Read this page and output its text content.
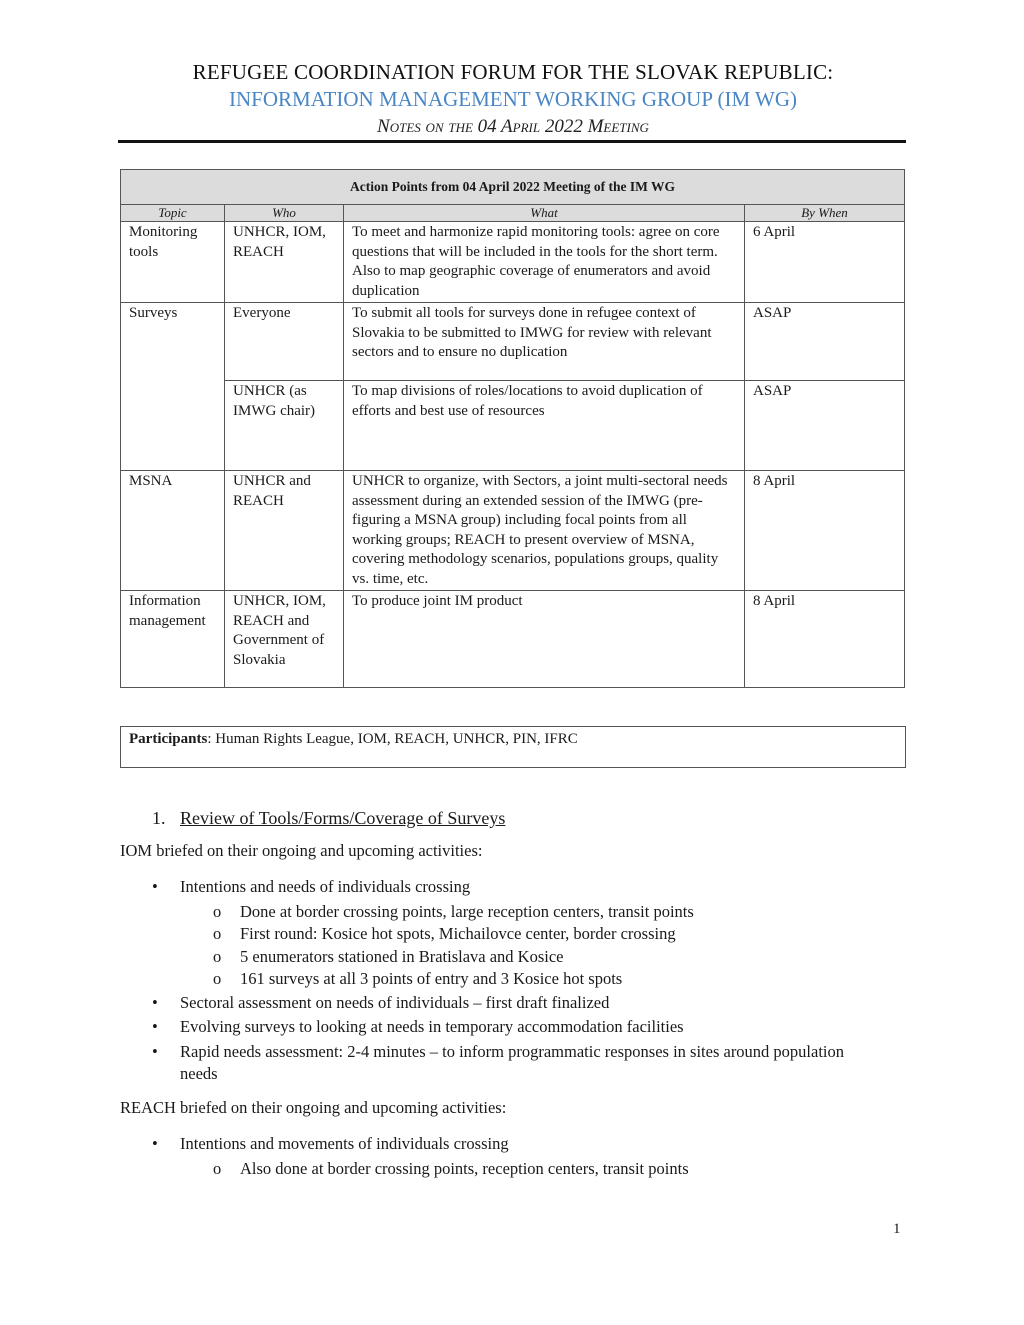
REFUGEE COORDINATION FORUM FOR THE SLOVAK REPUBLIC:
INFORMATION MANAGEMENT WORKING GROUP (IM WG)
Notes on the 04 April 2022 Meeting
Action Points from 04 April 2022 Meeting of the IM WG			
Topic	Who	What	By When
Monitoring tools	UNHCR, IOM, REACH	To meet and harmonize rapid monitoring tools: agree on core questions that will be included in the tools for the short term. Also to map geographic coverage of enumerators and avoid duplication	6 April
Surveys	Everyone	To submit all tools for surveys done in refugee context of Slovakia to be submitted to IMWG for review with relevant sectors and to ensure no duplication	ASAP
	UNHCR (as IMWG chair)	To map divisions of roles/locations to avoid duplication of efforts and best use of resources	ASAP
MSNA	UNHCR and REACH	UNHCR to organize, with Sectors, a joint multi-sectoral needs assessment during an extended session of the IMWG (pre-figuring a MSNA group) including focal points from all working groups; REACH to present overview of MSNA, covering methodology scenarios, populations groups, quality vs. time, etc.	8 April
Information management	UNHCR, IOM, REACH and Government of Slovakia	To produce joint IM product	8 April
Participants: Human Rights League, IOM, REACH, UNHCR, PIN, IFRC
1. Review of Tools/Forms/Coverage of Surveys
IOM briefed on their ongoing and upcoming activities:
• Intentions and needs of individuals crossing
o Done at border crossing points, large reception centers, transit points
o First round: Kosice hot spots, Michailovce center, border crossing
o 5 enumerators stationed in Bratislava and Kosice
o 161 surveys at all 3 points of entry and 3 Kosice hot spots
• Sectoral assessment on needs of individuals – first draft finalized
• Evolving surveys to looking at needs in temporary accommodation facilities
• Rapid needs assessment: 2-4 minutes – to inform programmatic responses in sites around population needs
REACH briefed on their ongoing and upcoming activities:
• Intentions and movements of individuals crossing
o Also done at border crossing points, reception centers, transit points
1
